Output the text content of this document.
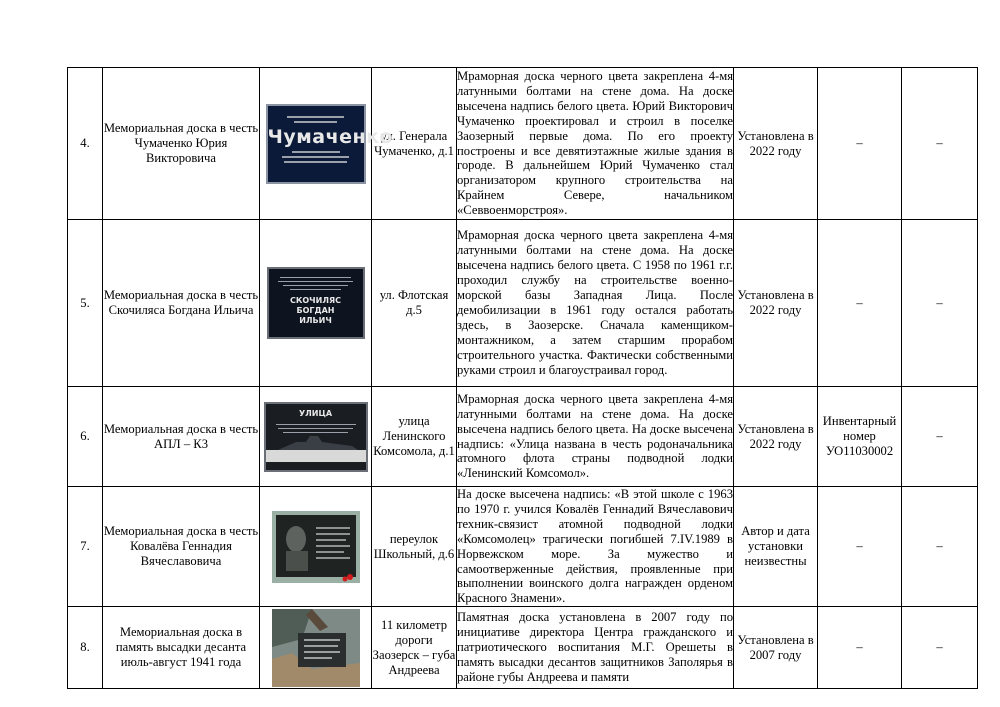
4.	Мемориальная доска в честь Чумаченко Юрия Викторовича	Чумаченко	ул. Генерала Чумаченко, д.1	Мраморная доска черного цвета закреплена 4-мя латунными болтами на стене дома. На доске высечена надпись белого цвета. Юрий Викторович Чумаченко проектировал и строил в поселке Заозерный первые дома. По его проекту построены и все девятиэтажные жилые здания в городе. В дальнейшем Юрий Чумаченко стал организатором крупного строительства на Крайнем Севере, начальником «Севвоенморстроя».	Установлена в 2022 году	–	–
5.	Мемориальная доска в честь Скочиляса Богдана Ильича	СКОЧИЛЯС БОГДАН ИЛЬИЧ	ул. Флотская д.5	Мраморная доска черного цвета закреплена 4-мя латунными болтами на стене дома. На доске высечена надпись белого цвета. С 1958 по 1961 г.г. проходил службу на строительстве военно-морской базы Западная Лица. После демобилизации в 1961 году остался работать здесь, в Заозерске. Сначала каменщиком-монтажником, а затем старшим прорабом строительного участка. Фактически собственными руками строил и благоустраивал город.	Установлена в 2022 году	–	–
6.	Мемориальная доска в честь АПЛ – К3	УЛИЦА	улица Ленинского Комсомола, д.1	Мраморная доска черного цвета закреплена 4-мя латунными болтами на стене дома. На доске высечена надпись белого цвета. На доске высечена надпись: «Улица названа в честь родоначальника атомного флота страны подводной лодки «Ленинский Комсомол».	Установлена в 2022 году	Инвентарный номер УО11030002	–
7.	Мемориальная доска в честь Ковалёва Геннадия Вячеславовича		переулок Школьный, д.6	На доске высечена надпись: «В этой школе с 1963 по 1970 г. учился Ковалёв Геннадий Вячеславович техник-связист атомной подводной лодки «Комсомолец» трагически погибшей 7.IV.1989 в Норвежском море. За мужество и самоотверженные действия, проявленные при выполнении воинского долга награжден орденом Красного Знамени».	Автор и дата установки неизвестны	–	–
8.	Мемориальная доска в память высадки десанта июль-август 1941 года		11 километр дороги Заозерск – губа Андреева	Памятная доска установлена в 2007 году по инициативе директора Центра гражданского и патриотического воспитания М.Г. Орешеты в память высадки десантов защитников Заполярья в районе губы Андреева и памяти	Установлена в 2007 году	–	–
